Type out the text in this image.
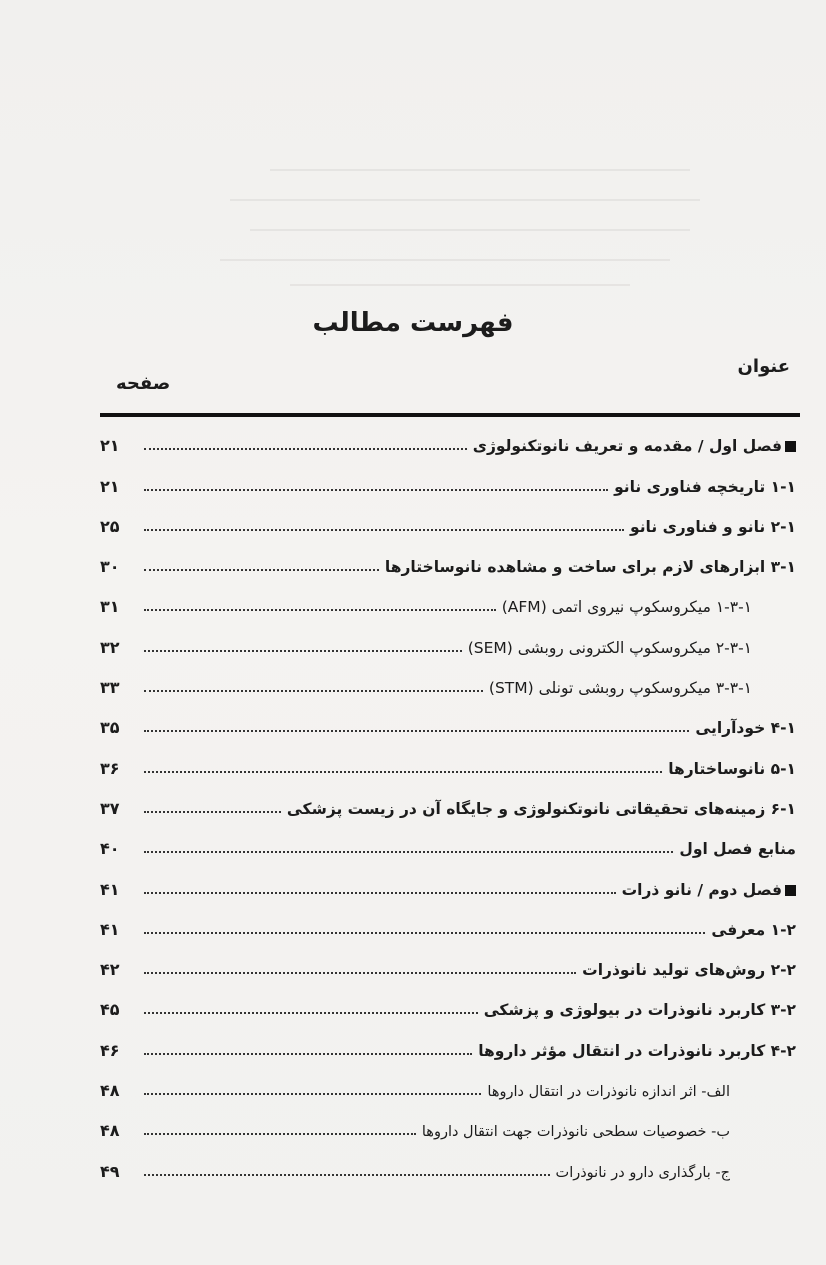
فهرست مطالب
عنوان
صفحه
فصل اول / مقدمه و تعریف نانوتکنولوژی
۲۱
۱-۱ تاریخچه فناوری نانو
۲۱
۲-۱ نانو و فناوری نانو
۲۵
۳-۱ ابزارهای لازم برای ساخت و مشاهده نانوساختارها
۳۰
۱-۳-۱ میکروسکوپ نیروی اتمی (AFM)
۳۱
۲-۳-۱ میکروسکوپ الکترونی روبشی (SEM)
۳۲
۳-۳-۱ میکروسکوپ روبشی تونلی (STM)
۳۳
۴-۱ خودآرایی
۳۵
۵-۱ نانوساختارها
۳۶
۶-۱ زمینه‌های تحقیقاتی نانوتکنولوژی و جایگاه آن در زیست پزشکی
۳۷
منابع فصل اول
۴۰
فصل دوم / نانو ذرات
۴۱
۱-۲ معرفی
۴۱
۲-۲ روش‌های تولید نانوذرات
۴۲
۳-۲ کاربرد نانوذرات در بیولوژی و پزشکی
۴۵
۴-۲ کاربرد نانوذرات در انتقال مؤثر داروها
۴۶
الف- اثر اندازه نانوذرات در انتقال داروها
۴۸
ب- خصوصیات سطحی نانوذرات جهت انتقال داروها
۴۸
ج- بارگذاری دارو در نانوذرات
۴۹
